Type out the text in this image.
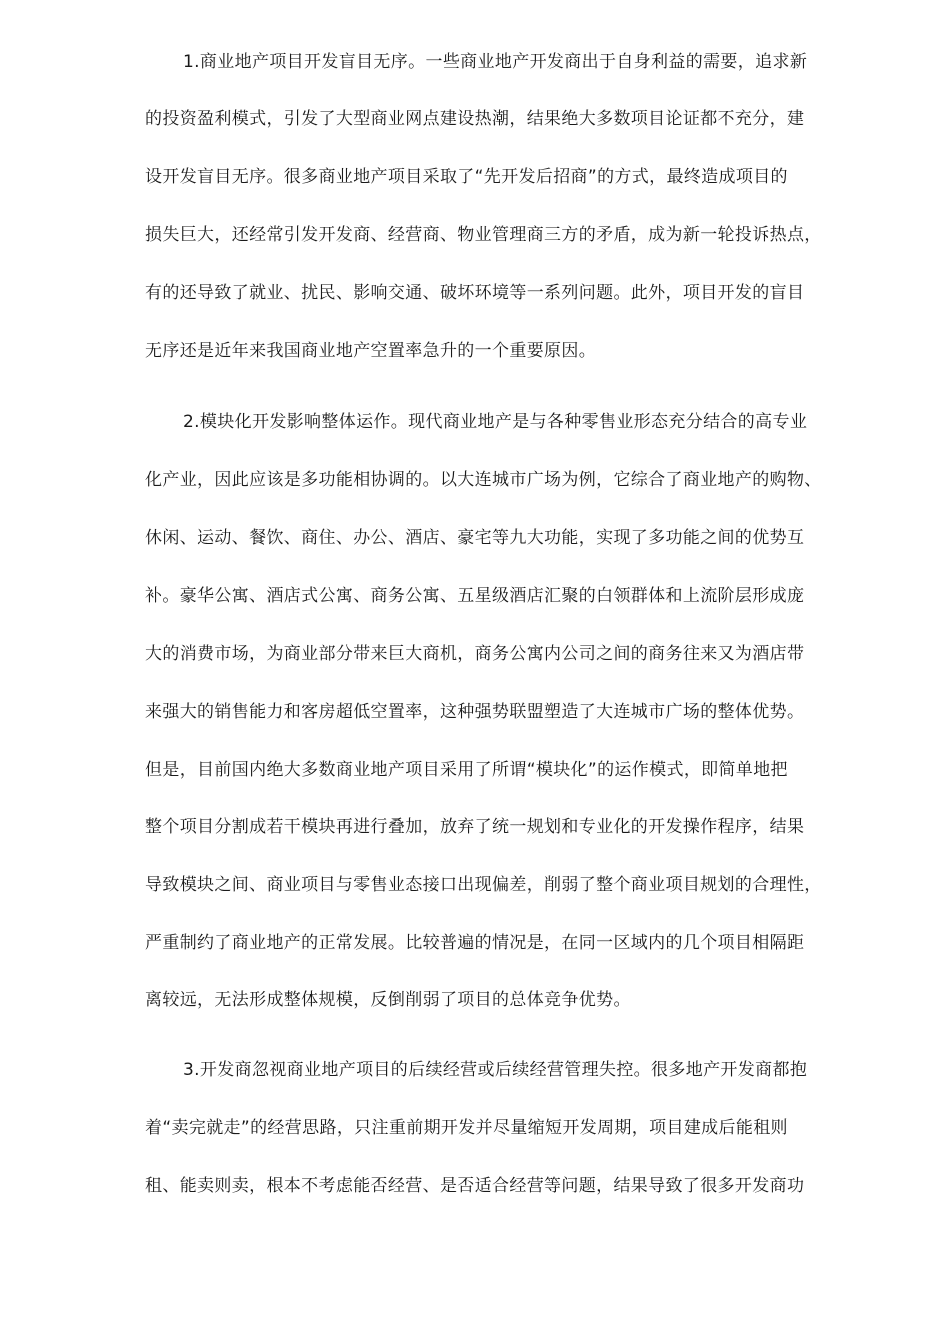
1.商业地产项目开发盲目无序。一些商业地产开发商出于自身利益的需要，追求新
的投资盈利模式，引发了大型商业网点建设热潮，结果绝大多数项目论证都不充分，建
设开发盲目无序。很多商业地产项目采取了“先开发后招商”的方式，最终造成项目的
损失巨大，还经常引发开发商、经营商、物业管理商三方的矛盾，成为新一轮投诉热点，
有的还导致了就业、扰民、影响交通、破坏环境等一系列问题。此外，项目开发的盲目
无序还是近年来我国商业地产空置率急升的一个重要原因。
2.模块化开发影响整体运作。现代商业地产是与各种零售业形态充分结合的高专业
化产业，因此应该是多功能相协调的。以大连城市广场为例，它综合了商业地产的购物、
休闲、运动、餐饮、商住、办公、酒店、豪宅等九大功能，实现了多功能之间的优势互
补。豪华公寓、酒店式公寓、商务公寓、五星级酒店汇聚的白领群体和上流阶层形成庞
大的消费市场，为商业部分带来巨大商机，商务公寓内公司之间的商务往来又为酒店带
来强大的销售能力和客房超低空置率，这种强势联盟塑造了大连城市广场的整体优势。
但是，目前国内绝大多数商业地产项目采用了所谓“模块化”的运作模式，即简单地把
整个项目分割成若干模块再进行叠加，放弃了统一规划和专业化的开发操作程序，结果
导致模块之间、商业项目与零售业态接口出现偏差，削弱了整个商业项目规划的合理性，
严重制约了商业地产的正常发展。比较普遍的情况是，在同一区域内的几个项目相隔距
离较远，无法形成整体规模，反倒削弱了项目的总体竞争优势。
3.开发商忽视商业地产项目的后续经营或后续经营管理失控。很多地产开发商都抱
着“卖完就走”的经营思路，只注重前期开发并尽量缩短开发周期，项目建成后能租则
租、能卖则卖，根本不考虑能否经营、是否适合经营等问题，结果导致了很多开发商功
